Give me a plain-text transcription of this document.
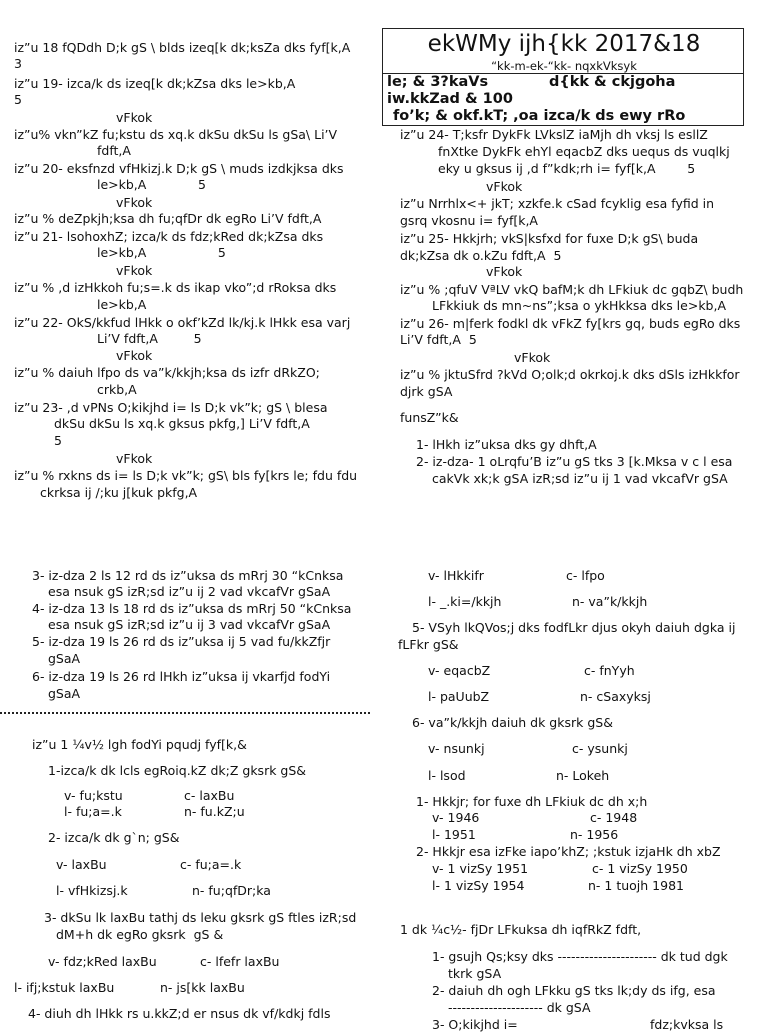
ekWMy ijh{kk 2017&18
“kk-m-ek-“kk- nqxkVksyk
le; & 3?kaVs	d{kk & ckjgoha
iw.kkZad & 100
fo’k; & okf.kT; ,oa izca/k ds ewy rRo
iz”u 18 fQDdh D;k gS \ blds izeq[k dk;ksZa dks fyf[k,A
3
iz”u 19- izca/k ds izeq[k dk;kZsa dks le>kb,A
5
vFkok
iz”u% vkn”kZ fu;kstu ds xq.k dkSu dkSu ls gSa\ Li’V
fdft,A
iz”u 20- eksfnzd vfHkizj.k D;k gS \ muds izdkjksa dks
le>kb,A             5
vFkok
iz”u % deZpkjh;ksa dh fu;qfDr dk egRo Li’V fdft,A
iz”u 21- lsohoxhZ; izca/k ds fdz;kRed dk;kZsa dks
le>kb,A                  5
vFkok
iz”u % ,d izHkkoh fu;s=.k ds ikap vko”;d rRoksa dks
le>kb,A
iz”u 22- OkS/kkfud lHkk o okf’kZd lk/kj.k lHkk esa varj
Li’V fdft,A         5
vFkok
iz”u % daiuh lfpo ds va”k/kkjh;ksa ds izfr dRkZO;
crkb,A
iz”u 23- ,d vPNs O;kikjhd i= ls D;k vk”k; gS \ blesa
dkSu dkSu ls xq.k gksus pkfg,] Li’V fdft,A
5
vFkok
iz”u % rxkns ds i= ls D;k vk”k; gS\ bls fy[krs le; fdu fdu
ckrksa ij /;ku j[kuk pkfg,A
iz”u 24- T;ksfr DykFk LVkslZ iaMjh dh vksj ls esllZ
fnXtke DykFk ehYl eqacbZ dks uequs ds vuqlkj
eky u gksus ij ,d f”kdk;rh i= fyf[k,A        5
vFkok
iz”u Nrrhlx<+ jkT; xzkfe.k cSad fcyklig esa fyfid in
gsrq vkosnu i= fyf[k,A
iz”u 25- Hkkjrh; vkS|ksfxd for fuxe D;k gS\ buda
dk;kZsa dk o.kZu fdft,A  5
vFkok
iz”u % ;qfuV VªLV vkQ bafM;k dh LFkiuk dc gqbZ\ budh
LFkkiuk ds mn~ns”;ksa o ykHkksa dks le>kb,A
iz”u 26- m|ferk fodkl dk vFkZ fy[krs gq, buds egRo dks
Li’V fdft,A  5
vFkok
iz”u % jktuSfrd ?kVd O;olk;d okrkoj.k dks dSls izHkkfor
djrk gSA
funsZ”k&
1- lHkh iz”uksa dks gy dhft,A
2- iz-dza- 1 oLrqfu’B iz”u gS tks 3 [k.Mksa v c l esa
cakVk xk;k gSA izR;sd iz”u ij 1 vad vkcafVr gSA
3- iz-dza 2 ls 12 rd ds iz”uksa ds mRrj 30 “kCnksa
esa nsuk gS izR;sd iz”u ij 2 vad vkcafVr gSaA
4- iz-dza 13 ls 18 rd ds iz”uksa ds mRrj 50 “kCnksa
esa nsuk gS izR;sd iz”u ij 3 vad vkcafVr gSaA
5- iz-dza 19 ls 26 rd ds iz”uksa ij 5 vad fu/kkZfjr
gSaA
6- iz-dza 19 ls 26 rd lHkh iz”uksa ij vkarfjd fodYi
gSaA
iz”u 1 ¼v½ lgh fodYi pqudj fyf[k,&
1-izca/k dk lcls egRoiq.kZ dk;Z gksrk gS&
v- fu;kstu	c- laxBu
l- fu;a=.k	n- fu.kZ;u
2- izca/k dk g`n; gS&
v- laxBu	c- fu;a=.k
l- vfHkizsj.k	n- fu;qfDr;ka
3- dkSu lk laxBu tathj ds leku gksrk gS ftles izR;sd
dM+h dk egRo gksrk  gS &
v- fdz;kRed laxBu	c- lfefr laxBu
l- ifj;kstuk laxBu	n- js[kk laxBu
4- diuh dh lHkk rs u.kkZ;d er nsus dk vf/kdkj fdls
v- lHkkifr	c- lfpo
l- _.ki=/kkjh	n- va”k/kkjh
5- VSyh lkQVos;j dks fodfLkr djus okyh daiuh dgka ij
fLFkr gS&
v- eqacbZ	c- fnYyh
l- paUubZ	n- cSaxyksj
6- va”k/kkjh daiuh dk gksrk gS&
v- nsunkj	c- ysunkj
l- lsod	n- Lokeh
1- Hkkjr; for fuxe dh LFkiuk dc dh x;h
v- 1946	c- 1948
l- 1951	n- 1956
2- Hkkjr esa izFke iapo’khZ; ;kstuk izjaHk dh xbZ
v- 1 vizSy 1951	c- 1 vizSy 1950
l- 1 vizSy 1954	n- 1 tuojh 1981
1 dk ¼c½- fjDr LFkuksa dh iqfRkZ fdft,
1- gsujh Qs;ksy dks ---------------------- dk tud dgk
tkrk gSA
2- daiuh dh ogh LFkku gS tks lk;dy ds ifg, esa
--------------------- dk gSA
3- O;kikjhd i=	fdz;kvksa ls
